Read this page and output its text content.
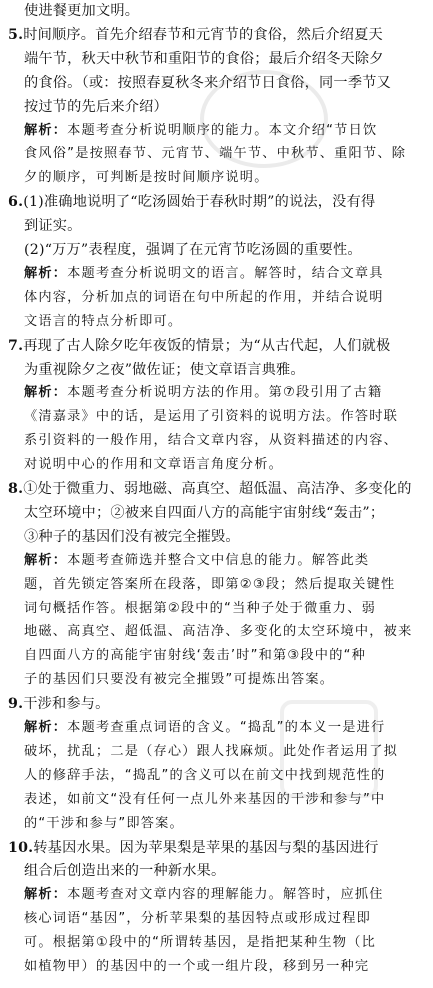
使进餐更加文明。
5.时间顺序。首先介绍春节和元宵节的食俗，然后介绍夏天
端午节，秋天中秋节和重阳节的食俗；最后介绍冬天除夕
的食俗。（或：按照春夏秋冬来介绍节日食俗，同一季节又
按过节的先后来介绍）
解析：本题考查分析说明顺序的能力。本文介绍“节日饮
食风俗”是按照春节、元宵节、端午节、中秋节、重阳节、除
夕的顺序，可判断是按时间顺序说明。
6.(1)准确地说明了“吃汤圆始于春秋时期”的说法，没有得
到证实。
(2)“万万”表程度，强调了在元宵节吃汤圆的重要性。
解析：本题考查分析说明文的语言。解答时，结合文章具
体内容，分析加点的词语在句中所起的作用，并结合说明
文语言的特点分析即可。
7.再现了古人除夕吃年夜饭的情景；为“从古代起，人们就极
为重视除夕之夜”做佐证；使文章语言典雅。
解析：本题考查分析说明方法的作用。第⑦段引用了古籍
《清嘉录》中的话，是运用了引资料的说明方法。作答时联
系引资料的一般作用，结合文章内容，从资料描述的内容、
对说明中心的作用和文章语言角度分析。
8.①处于微重力、弱地磁、高真空、超低温、高洁净、多变化的
太空环境中；②被来自四面八方的高能宇宙射线“轰击”；
③种子的基因们没有被完全摧毁。
解析：本题考查筛选并整合文中信息的能力。解答此类
题，首先锁定答案所在段落，即第②③段；然后提取关键性
词句概括作答。根据第②段中的“当种子处于微重力、弱
地磁、高真空、超低温、高洁净、多变化的太空环境中，被来
自四面八方的高能宇宙射线‘轰击’时”和第③段中的“种
子的基因们只要没有被完全摧毁”可提炼出答案。
9.干涉和参与。
解析：本题考查重点词语的含义。“捣乱”的本义一是进行
破坏，扰乱；二是（存心）跟人找麻烦。此处作者运用了拟
人的修辞手法，“捣乱”的含义可以在前文中找到规范性的
表述，如前文“没有任何一点儿外来基因的干涉和参与”中
的“干涉和参与”即答案。
10.转基因水果。因为苹果梨是苹果的基因与梨的基因进行
组合后创造出来的一种新水果。
解析：本题考查对文章内容的理解能力。解答时，应抓住
核心词语“基因”，分析苹果梨的基因特点或形成过程即
可。根据第①段中的“所谓转基因，是指把某种生物（比
如植物甲）的基因中的一个或一组片段，移到另一种完
